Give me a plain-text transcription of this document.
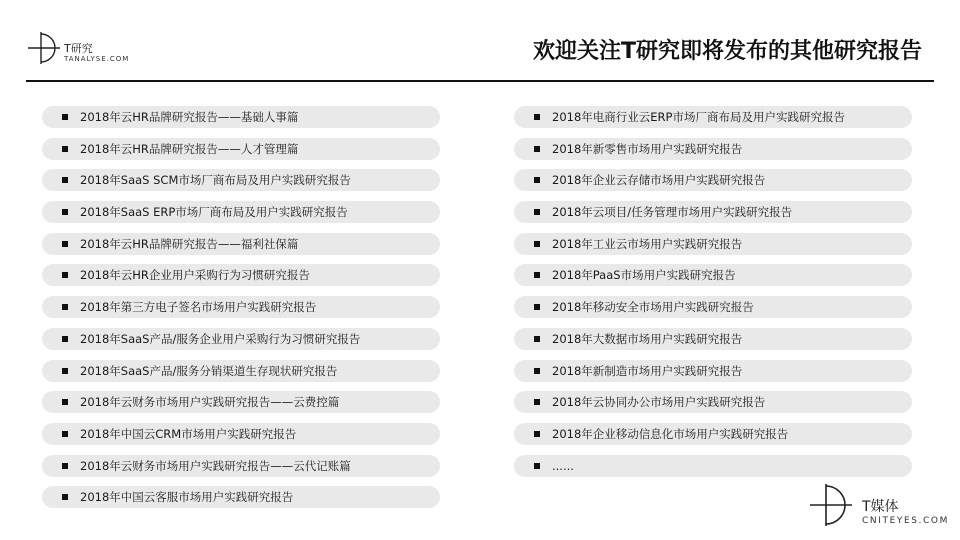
T研究
TANALYSE.COM	欢迎关注T研究即将发布的其他研究报告
2018年云HR品牌研究报告——基础人事篇
2018年云HR品牌研究报告——人才管理篇
2018年SaaS SCM市场厂商布局及用户实践研究报告
2018年SaaS ERP市场厂商布局及用户实践研究报告
2018年云HR品牌研究报告——福利社保篇
2018年云HR企业用户采购行为习惯研究报告
2018年第三方电子签名市场用户实践研究报告
2018年SaaS产品/服务企业用户采购行为习惯研究报告
2018年SaaS产品/服务分销渠道生存现状研究报告
2018年云财务市场用户实践研究报告——云费控篇
2018年中国云CRM市场用户实践研究报告
2018年云财务市场用户实践研究报告——云代记账篇
2018年中国云客服市场用户实践研究报告
2018年电商行业云ERP市场厂商布局及用户实践研究报告
2018年新零售市场用户实践研究报告
2018年企业云存储市场用户实践研究报告
2018年云项目/任务管理市场用户实践研究报告
2018年工业云市场用户实践研究报告
2018年PaaS市场用户实践研究报告
2018年移动安全市场用户实践研究报告
2018年大数据市场用户实践研究报告
2018年新制造市场用户实践研究报告
2018年云协同办公市场用户实践研究报告
2018年企业移动信息化市场用户实践研究报告
......
T媒体
CNITEYES.COM
